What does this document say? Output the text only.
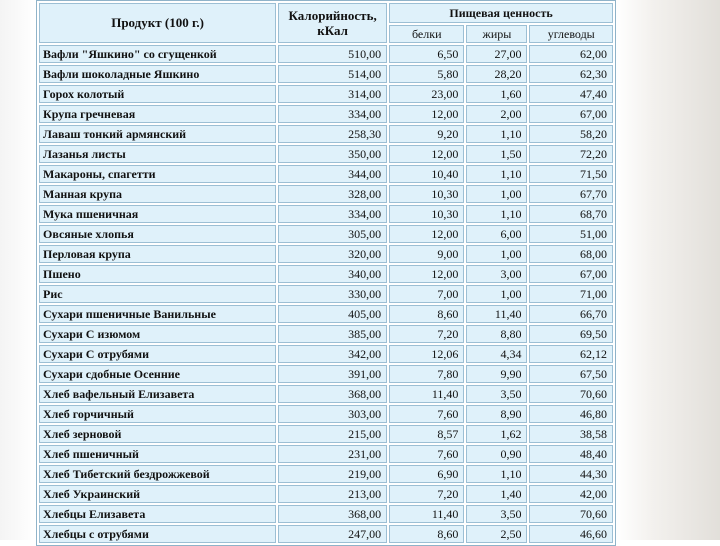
Продукт (100 г.)	Калорийность, кКал	Пищевая ценность		
		белки	жиры	углеводы
Вафли "Яшкино" со сгущенкой	510,00	6,50	27,00	62,00
Вафли шоколадные Яшкино	514,00	5,80	28,20	62,30
Горох колотый	314,00	23,00	1,60	47,40
Крупа гречневая	334,00	12,00	2,00	67,00
Лаваш тонкий армянский	258,30	9,20	1,10	58,20
Лазанья листы	350,00	12,00	1,50	72,20
Макароны, спагетти	344,00	10,40	1,10	71,50
Манная крупа	328,00	10,30	1,00	67,70
Мука пшеничная	334,00	10,30	1,10	68,70
Овсяные хлопья	305,00	12,00	6,00	51,00
Перловая крупа	320,00	9,00	1,00	68,00
Пшено	340,00	12,00	3,00	67,00
Рис	330,00	7,00	1,00	71,00
Сухари пшеничные Ванильные	405,00	8,60	11,40	66,70
Сухари С изюмом	385,00	7,20	8,80	69,50
Сухари С отрубями	342,00	12,06	4,34	62,12
Сухари сдобные Осенние	391,00	7,80	9,90	67,50
Хлеб вафельный Елизавета	368,00	11,40	3,50	70,60
Хлеб горчичный	303,00	7,60	8,90	46,80
Хлеб зерновой	215,00	8,57	1,62	38,58
Хлеб пшеничный	231,00	7,60	0,90	48,40
Хлеб Тибетский бездрожжевой	219,00	6,90	1,10	44,30
Хлеб Украинский	213,00	7,20	1,40	42,00
Хлебцы Елизавета	368,00	11,40	3,50	70,60
Хлебцы с отрубями	247,00	8,60	2,50	46,60
